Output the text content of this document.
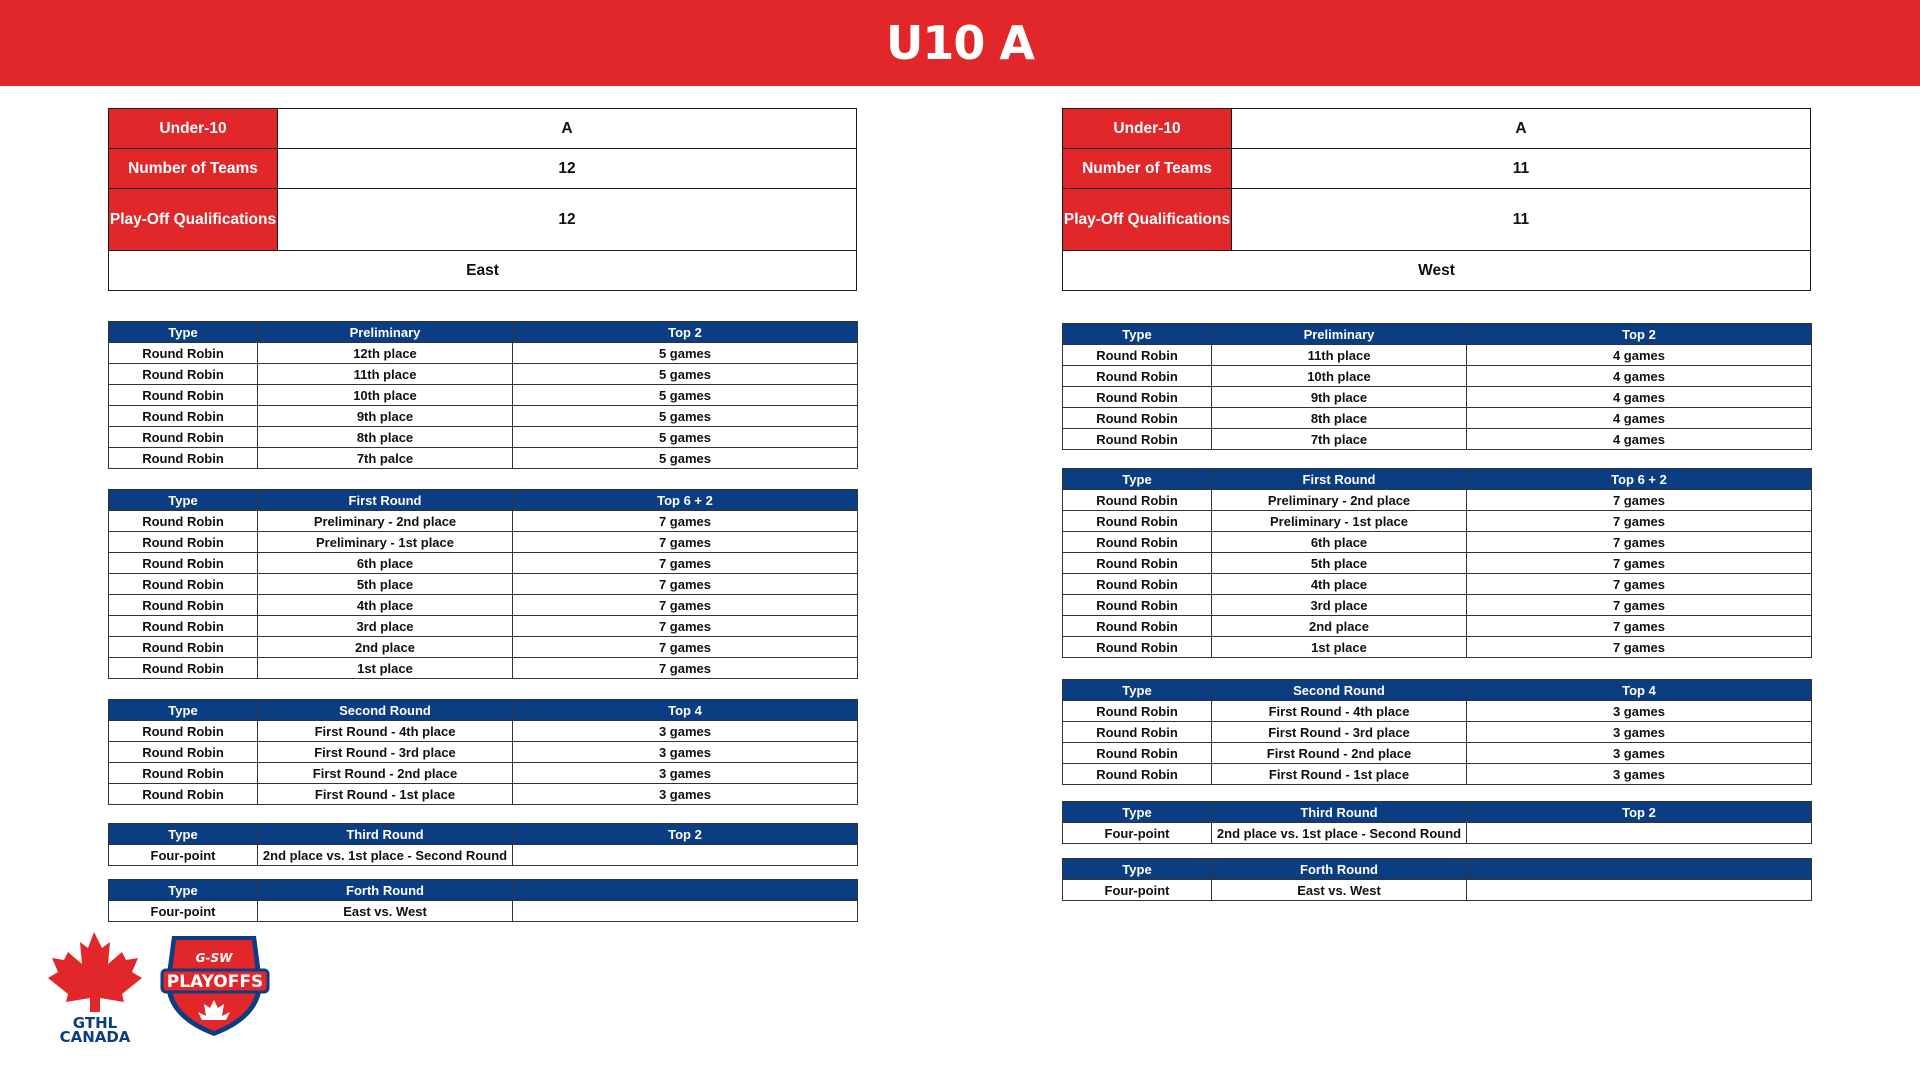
U10 A
Under-10	A
Number of Teams	12
Play-Off Qualifications	12
East	
Type	Preliminary	Top 2
Round Robin	12th place	5 games
Round Robin	11th place	5 games
Round Robin	10th place	5 games
Round Robin	9th place	5 games
Round Robin	8th place	5 games
Round Robin	7th palce	5 games
Type	First Round	Top 6 + 2
Round Robin	Preliminary - 2nd place	7 games
Round Robin	Preliminary - 1st place	7 games
Round Robin	6th place	7 games
Round Robin	5th place	7 games
Round Robin	4th place	7 games
Round Robin	3rd place	7 games
Round Robin	2nd place	7 games
Round Robin	1st place	7 games
Type	Second Round	Top 4
Round Robin	First Round - 4th place	3 games
Round Robin	First Round - 3rd place	3 games
Round Robin	First Round - 2nd place	3 games
Round Robin	First Round - 1st place	3 games
Type	Third Round	Top 2
Four-point	2nd place vs. 1st place - Second Round	
Type	Forth Round	
Four-point	East vs. West	
Under-10	A
Number of Teams	11
Play-Off Qualifications	11
West	
Type	Preliminary	Top 2
Round Robin	11th place	4 games
Round Robin	10th place	4 games
Round Robin	9th place	4 games
Round Robin	8th place	4 games
Round Robin	7th place	4 games
Type	First Round	Top 6 + 2
Round Robin	Preliminary - 2nd place	7 games
Round Robin	Preliminary - 1st place	7 games
Round Robin	6th place	7 games
Round Robin	5th place	7 games
Round Robin	4th place	7 games
Round Robin	3rd place	7 games
Round Robin	2nd place	7 games
Round Robin	1st place	7 games
Type	Second Round	Top 4
Round Robin	First Round - 4th place	3 games
Round Robin	First Round - 3rd place	3 games
Round Robin	First Round - 2nd place	3 games
Round Robin	First Round - 1st place	3 games
Type	Third Round	Top 2
Four-point	2nd place vs. 1st place - Second Round	
Type	Forth Round	
Four-point	East vs. West	
GTHL
CANADA
G-SW
PLAYOFFS
